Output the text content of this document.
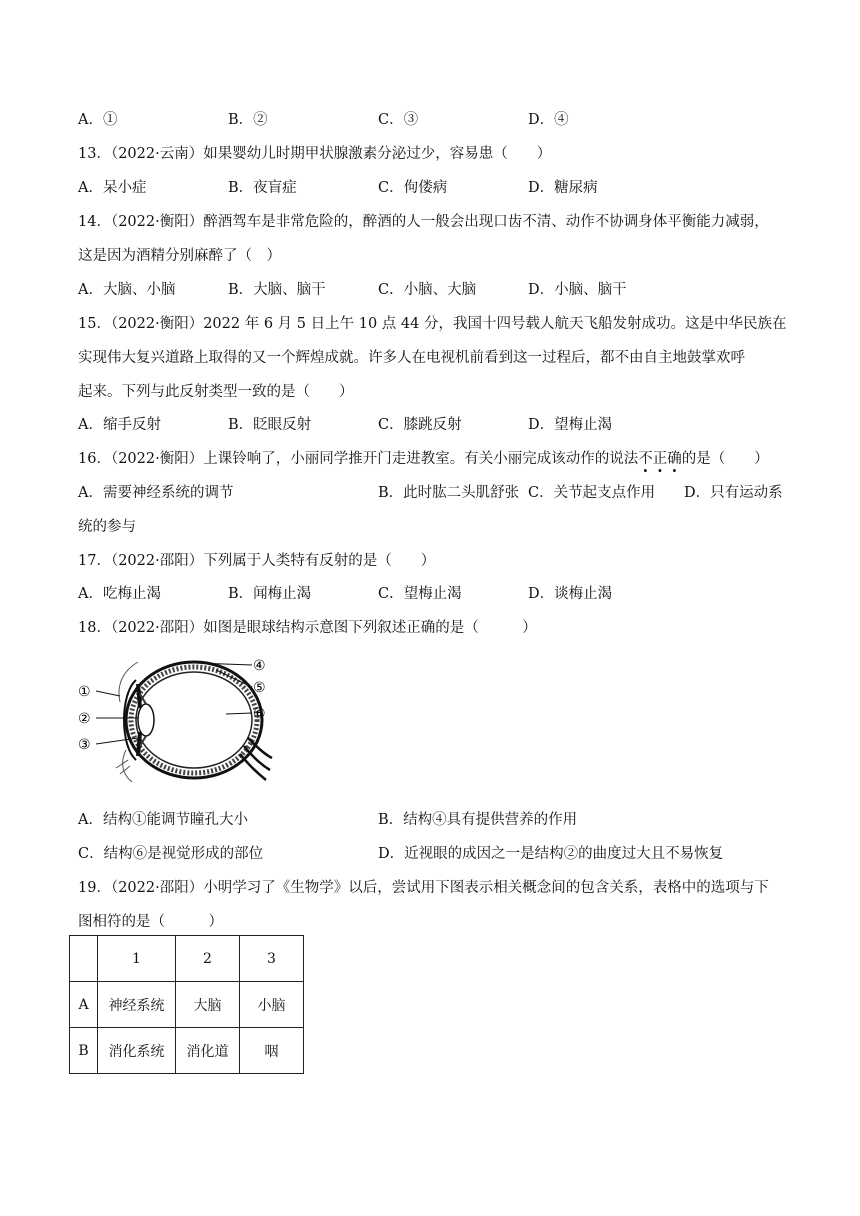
A．①	B．②	C．③	D．④
13．（2022·云南）如果婴幼儿时期甲状腺激素分泌过少，容易患（　　）
A．呆小症	B．夜盲症	C．佝偻病	D．糖尿病
14．（2022·衡阳）醉酒驾车是非常危险的，醉酒的人一般会出现口齿不清、动作不协调身体平衡能力减弱，
这是因为酒精分别麻醉了（　）
A．大脑、小脑	B．大脑、脑干	C．小脑、大脑	D．小脑、脑干
15．（2022·衡阳）2022 年 6 月 5 日上午 10 点 44 分，我国十四号载人航天飞船发射成功。这是中华民族在
实现伟大复兴道路上取得的又一个辉煌成就。许多人在电视机前看到这一过程后，都不由自主地鼓掌欢呼
起来。下列与此反射类型一致的是（　　）
A．缩手反射	B．眨眼反射	C．膝跳反射	D．望梅止渴
16．（2022·衡阳）上课铃响了，小丽同学推开门走进教室。有关小丽完成该动作的说法不正确的是（　　）
A．需要神经系统的调节	B．此时肱二头肌舒张 C．关节起支点作用 D．只有运动系
统的参与
17．（2022·邵阳）下列属于人类特有反射的是（　　）
A．吃梅止渴	B．闻梅止渴	C．望梅止渴	D．谈梅止渴
18．（2022·邵阳）如图是眼球结构示意图下列叙述正确的是（　　　）
①
②
③
④
⑤
⑥
A．结构①能调节瞳孔大小	B．结构④具有提供营养的作用
C．结构⑥是视觉形成的部位	D．近视眼的成因之一是结构②的曲度过大且不易恢复
19．（2022·邵阳）小明学习了《生物学》以后，尝试用下图表示相关概念间的包含关系，表格中的选项与下
图相符的是（　　　）
	1	2	3
A	神经系统	大脑	小脑
B	消化系统	消化道	咽
